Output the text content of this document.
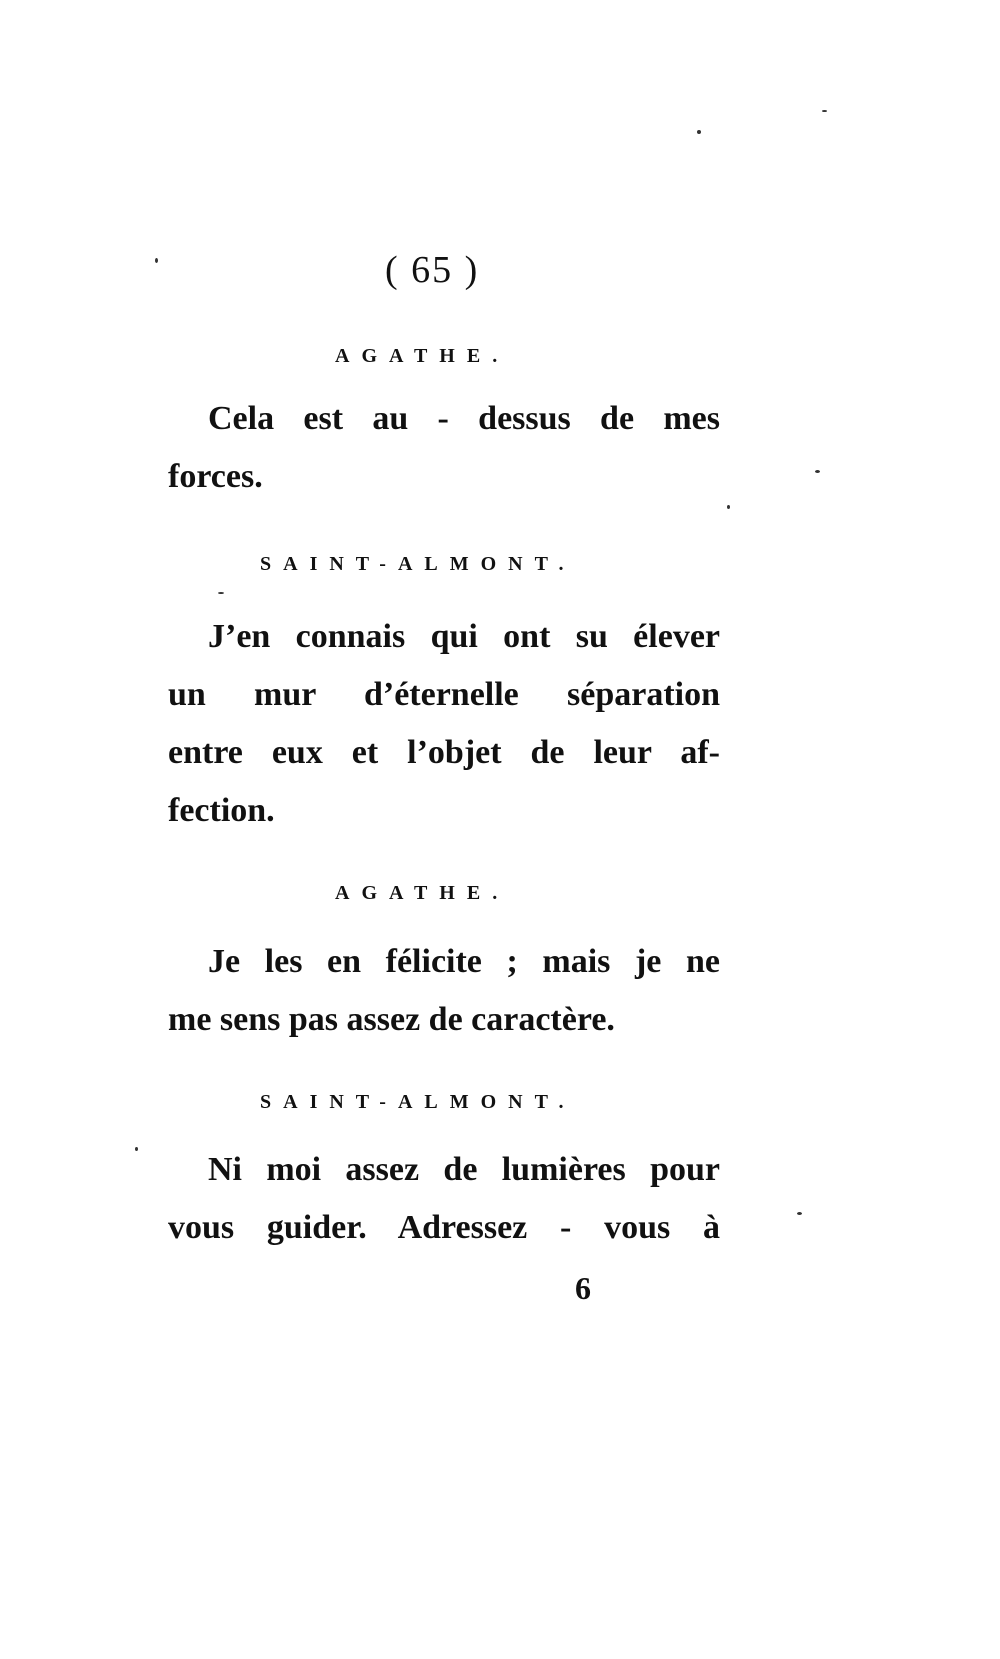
( 65 )
AGATHE.
Cela est au - dessus de mes
forces.
SAINT-ALMONT.
J’en connais qui ont su élever
un mur d’éternelle séparation
entre eux et l’objet de leur af-
fection.
AGATHE.
Je les en félicite ; mais je ne
me sens pas assez de caractère.
SAINT-ALMONT.
Ni moi assez de lumières pour
vous guider. Adressez - vous à
6
